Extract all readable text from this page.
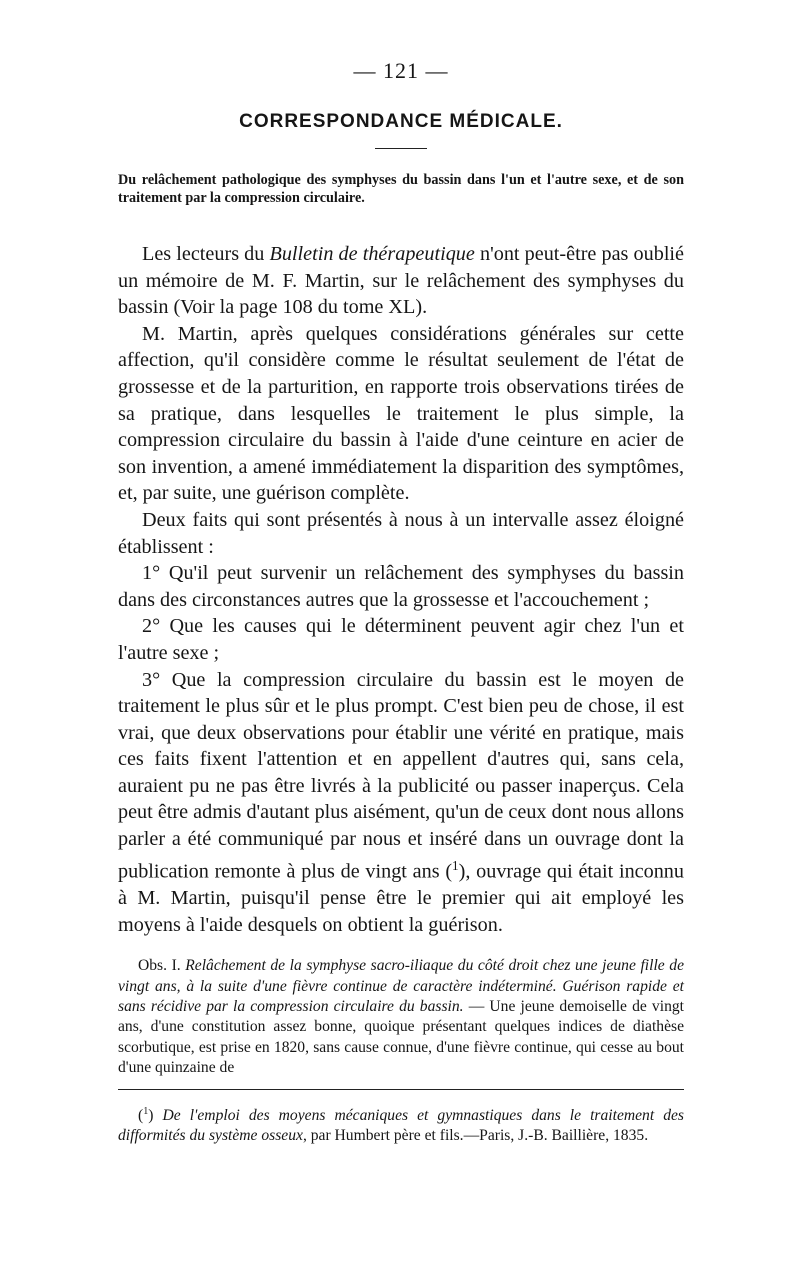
— 121 —
CORRESPONDANCE MÉDICALE.

Du relâchement pathologique des symphyses du bassin dans l'un et l'autre sexe, et de son traitement par la compression circulaire.

Les lecteurs du Bulletin de thérapeutique n'ont peut-être pas oublié un mémoire de M. F. Martin, sur le relâchement des symphyses du bassin (Voir la page 108 du tome XL).

M. Martin, après quelques considérations générales sur cette affection, qu'il considère comme le résultat seulement de l'état de grossesse et de la parturition, en rapporte trois observations tirées de sa pratique, dans lesquelles le traitement le plus simple, la compression circulaire du bassin à l'aide d'une ceinture en acier de son invention, a amené immédiatement la disparition des symptômes, et, par suite, une guérison complète.

Deux faits qui sont présentés à nous à un intervalle assez éloigné établissent :

1° Qu'il peut survenir un relâchement des symphyses du bassin dans des circonstances autres que la grossesse et l'accouchement ;

2° Que les causes qui le déterminent peuvent agir chez l'un et l'autre sexe ;

3° Que la compression circulaire du bassin est le moyen de traitement le plus sûr et le plus prompt. C'est bien peu de chose, il est vrai, que deux observations pour établir une vérité en pratique, mais ces faits fixent l'attention et en appellent d'autres qui, sans cela, auraient pu ne pas être livrés à la publicité ou passer inaperçus. Cela peut être admis d'autant plus aisément, qu'un de ceux dont nous allons parler a été communiqué par nous et inséré dans un ouvrage dont la publication remonte à plus de vingt ans ($^1$), ouvrage qui était inconnu à M. Martin, puisqu'il pense être le premier qui ait employé les moyens à l'aide desquels on obtient la guérison.

Obs. I. Relâchement de la symphyse sacro-iliaque du côté droit chez une jeune fille de vingt ans, à la suite d'une fièvre continue de caractère indéterminé. Guérison rapide et sans récidive par la compression circulaire du bassin. — Une jeune demoiselle de vingt ans, d'une constitution assez bonne, quoique présentant quelques indices de diathèse scorbutique, est prise en 1820, sans cause connue, d'une fièvre continue, qui cesse au bout d'une quinzaine de

($^1$) De l'emploi des moyens mécaniques et gymnastiques dans le traitement des difformités du système osseux, par Humbert père et fils.—Paris, J.-B. Baillière, 1835.
